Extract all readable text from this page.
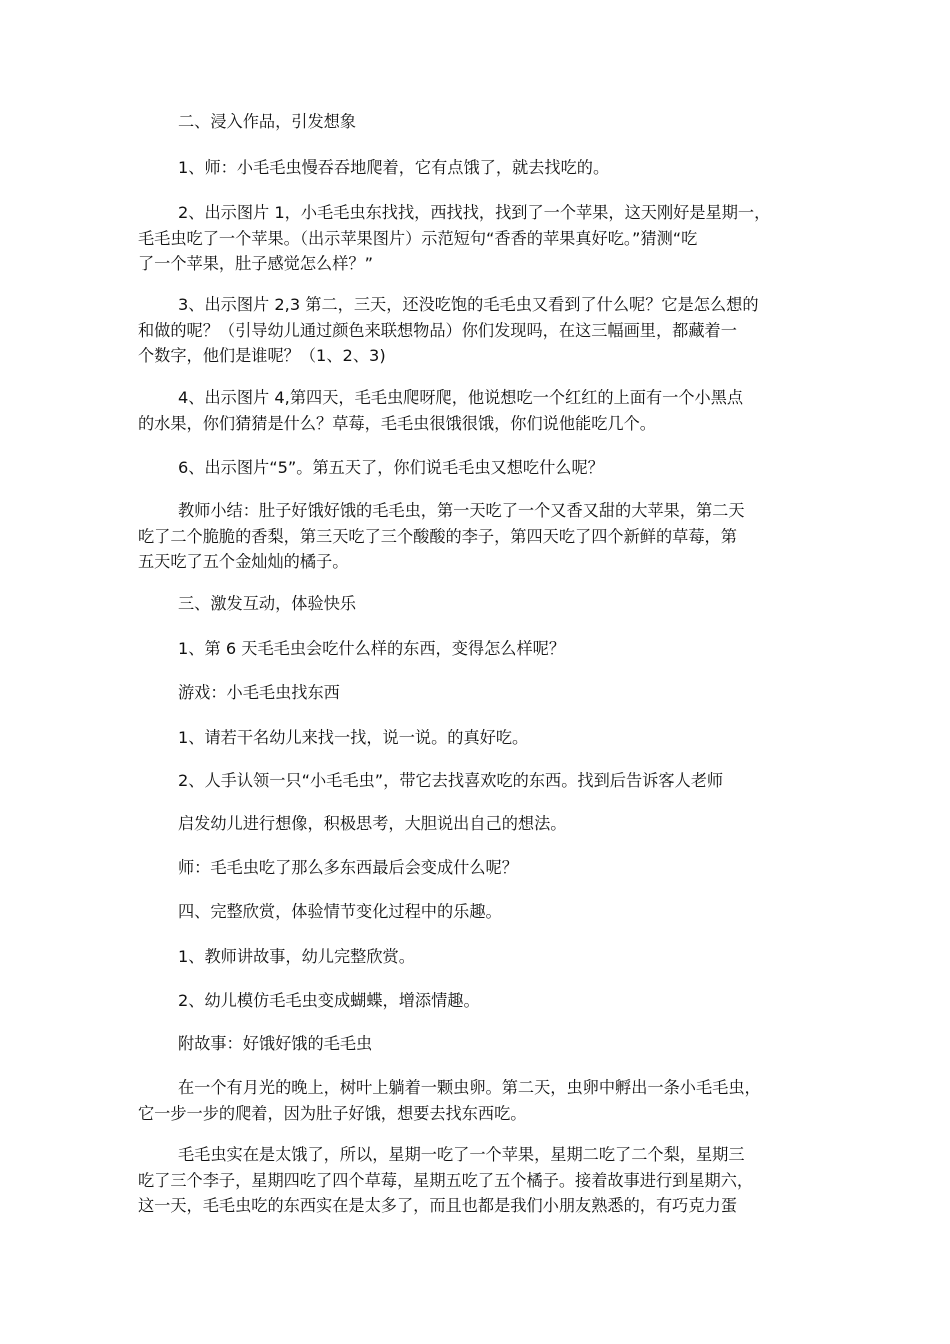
二、浸入作品，引发想象
1、师：小毛毛虫慢吞吞地爬着，它有点饿了，就去找吃的。
2、出示图片 1，小毛毛虫东找找，西找找，找到了一个苹果，这天刚好是星期一，
毛毛虫吃了一个苹果。（出示苹果图片）示范短句“香香的苹果真好吃。”猜测“吃
了一个苹果，肚子感觉怎么样？”
3、出示图片 2,3 第二，三天，还没吃饱的毛毛虫又看到了什么呢？它是怎么想的
和做的呢？（引导幼儿通过颜色来联想物品）你们发现吗，在这三幅画里，都藏着一
个数字，他们是谁呢？（1、2、3)
4、出示图片 4,第四天，毛毛虫爬呀爬，他说想吃一个红红的上面有一个小黑点
的水果，你们猜猜是什么？草莓，毛毛虫很饿很饿，你们说他能吃几个。
6、出示图片“5”。第五天了，你们说毛毛虫又想吃什么呢？
教师小结：肚子好饿好饿的毛毛虫，第一天吃了一个又香又甜的大苹果，第二天
吃了二个脆脆的香梨，第三天吃了三个酸酸的李子，第四天吃了四个新鲜的草莓，第
五天吃了五个金灿灿的橘子。
三、激发互动，体验快乐
1、第 6 天毛毛虫会吃什么样的东西，变得怎么样呢？
游戏：小毛毛虫找东西
1、请若干名幼儿来找一找，说一说。的真好吃。
2、人手认领一只“小毛毛虫”，带它去找喜欢吃的东西。找到后告诉客人老师
启发幼儿进行想像，积极思考，大胆说出自己的想法。
师：毛毛虫吃了那么多东西最后会变成什么呢？
四、完整欣赏，体验情节变化过程中的乐趣。
1、教师讲故事，幼儿完整欣赏。
2、幼儿模仿毛毛虫变成蝴蝶，增添情趣。
附故事：好饿好饿的毛毛虫
在一个有月光的晚上，树叶上躺着一颗虫卵。第二天，虫卵中孵出一条小毛毛虫，
它一步一步的爬着，因为肚子好饿，想要去找东西吃。
毛毛虫实在是太饿了，所以，星期一吃了一个苹果，星期二吃了二个梨，星期三
吃了三个李子，星期四吃了四个草莓，星期五吃了五个橘子。接着故事进行到星期六，
这一天，毛毛虫吃的东西实在是太多了，而且也都是我们小朋友熟悉的，有巧克力蛋
